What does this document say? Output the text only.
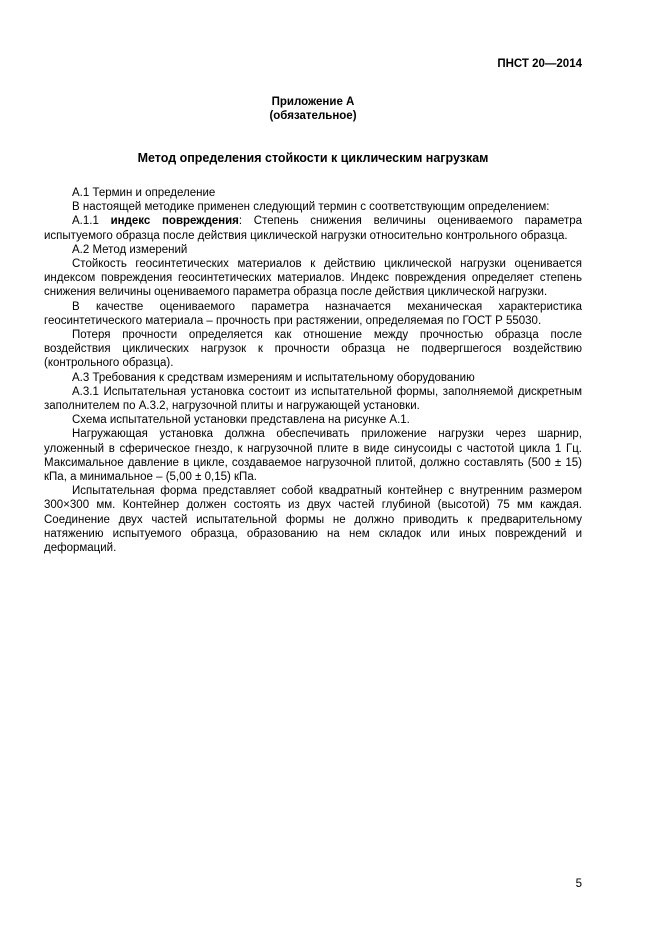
ПНСТ 20—2014
Приложение А
(обязательное)
Метод определения стойкости к циклическим нагрузкам

А.1 Термин и определение

В настоящей методике применен следующий термин с соответствующим определением:

А.1.1 индекс повреждения: Степень снижения величины оцениваемого параметра испытуемого образца после действия циклической нагрузки относительно контрольного образца.

А.2 Метод измерений

Стойкость геосинтетических материалов к действию циклической нагрузки оценивается индексом повреждения геосинтетических материалов. Индекс повреждения определяет степень снижения величины оцениваемого параметра образца после действия циклической нагрузки.

В качестве оцениваемого параметра назначается механическая характеристика геосинтетического материала – прочность при растяжении, определяемая по ГОСТ Р 55030.

Потеря прочности определяется как отношение между прочностью образца после воздействия циклических нагрузок к прочности образца не подвергшегося воздействию (контрольного образца).

А.3 Требования к средствам измерениям и испытательному оборудованию

А.3.1 Испытательная установка состоит из испытательной формы, заполняемой дискретным заполнителем по А.3.2, нагрузочной плиты и нагружающей установки.

Схема испытательной установки представлена на рисунке А.1.

Нагружающая установка должна обеспечивать приложение нагрузки через шарнир, уложенный в сферическое гнездо, к нагрузочной плите в виде синусоиды с частотой цикла 1 Гц. Максимальное давление в цикле, создаваемое нагрузочной плитой, должно составлять (500 ± 15) кПа, а минимальное – (5,00 ± 0,15) кПа.

Испытательная форма представляет собой квадратный контейнер с внутренним размером 300×300 мм. Контейнер должен состоять из двух частей глубиной (высотой) 75 мм каждая. Соединение двух частей испытательной формы не должно приводить к предварительному натяжению испытуемого образца, образованию на нем складок или иных повреждений и деформаций.

5
